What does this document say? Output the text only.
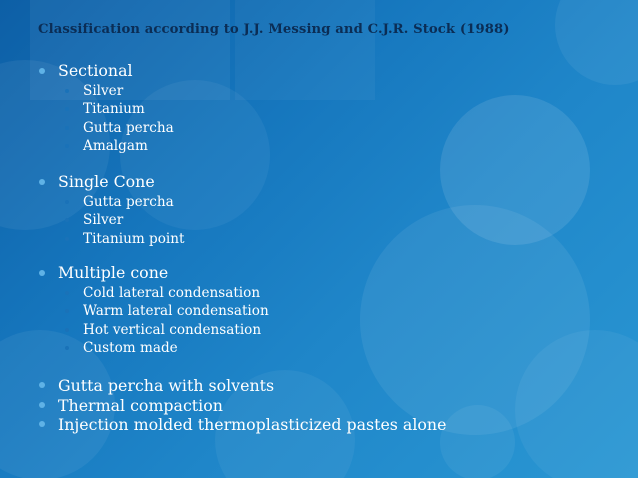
Classification according to J.J. Messing and C.J.R. Stock (1988)
Sectional
Silver
Titanium
Gutta percha
Amalgam
Single Cone
Gutta percha
Silver
Titanium point
Multiple cone
Cold lateral condensation
Warm lateral condensation
Hot vertical condensation
Custom made
Gutta percha with solvents
Thermal compaction
Injection molded thermoplasticized pastes alone
